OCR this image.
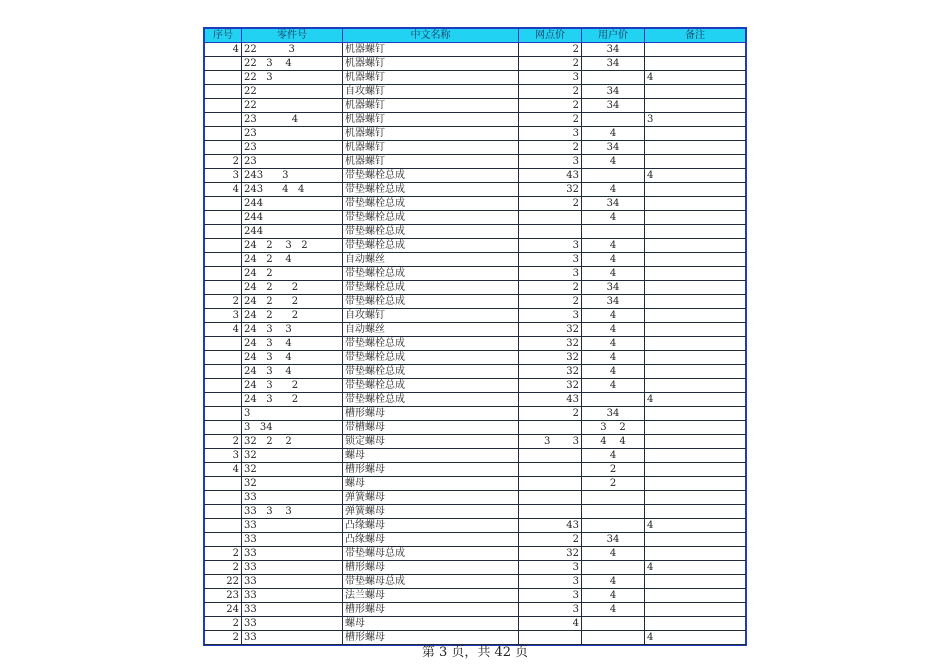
序号	零件号	中文名称	网点价	用户价	备注
4	22          3	机器螺钉	2	34	
	22   3    4	机器螺钉	2	34	
	22   3	机器螺钉	3		4
	22	自攻螺钉	2	34	
	22	机器螺钉	2	34	
	23           4	机器螺钉	2		3
	23	机器螺钉	3	4	
	23	机器螺钉	2	34	
2	23	机器螺钉	3	4	
3	243      3	带垫螺栓总成	43		4
4	243      4   4	带垫螺栓总成	32	4	
	244	带垫螺栓总成	2	34	
	244	带垫螺栓总成		4	
	244	带垫螺栓总成			
	24   2    3   2	带垫螺栓总成	3	4	
	24   2    4	自动螺丝	3	4	
	24   2	带垫螺栓总成	3	4	
	24   2      2	带垫螺栓总成	2	34	
2	24   2      2	带垫螺栓总成	2	34	
3	24   2      2	自攻螺钉	3	4	
4	24   3    3	自动螺丝	32	4	
	24   3    4	带垫螺栓总成	32	4	
	24   3    4	带垫螺栓总成	32	4	
	24   3    4	带垫螺栓总成	32	4	
	24   3      2	带垫螺栓总成	32	4	
	24   3      2	带垫螺栓总成	43		4
	3	槽形螺母	2	34	
	3   34	带槽螺母		3    2	
2	32   2    2	锁定螺母	3       3	4    4	
3	32	螺母		4	
4	32	槽形螺母		2	
	32	螺母		2	
	33	弹簧螺母			
	33   3    3	弹簧螺母			
	33	凸缘螺母	43		4
	33	凸缘螺母	2	34	
2	33	带垫螺母总成	32	4	
2	33	槽形螺母	3		4
22	33	带垫螺母总成	3	4	
23	33	法兰螺母	3	4	
24	33	槽形螺母	3	4	
2	33	螺母	4		
2	33	槽形螺母			4
第 3 页，共 42 页
